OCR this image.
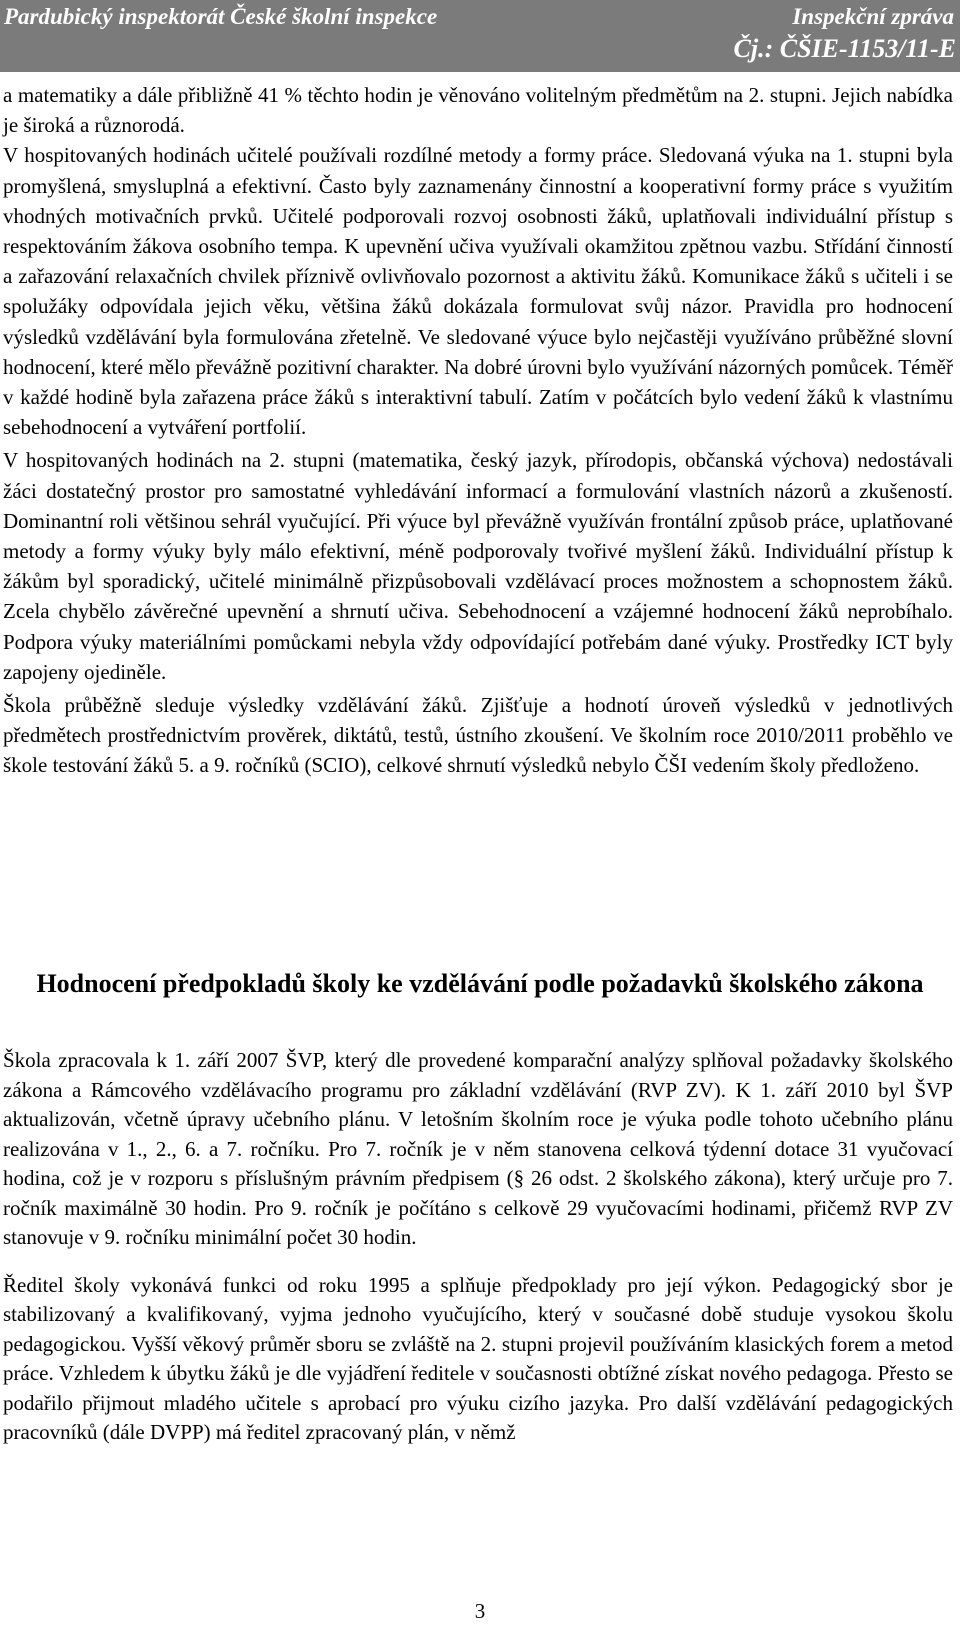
Pardubický inspektorát České školní inspekce	Inspekční zpráva
Čj.: ČŠIE-1153/11-E

a matematiky a dále přibližně 41 % těchto hodin je věnováno volitelným předmětům na 2. stupni. Jejich nabídka je široká a různorodá.

V hospitovaných hodinách učitelé používali rozdílné metody a formy práce. Sledovaná výuka na 1. stupni byla promyšlená, smysluplná a efektivní. Často byly zaznamenány činnostní a kooperativní formy práce s využitím vhodných motivačních prvků. Učitelé podporovali rozvoj osobnosti žáků, uplatňovali individuální přístup s respektováním žákova osobního tempa. K upevnění učiva využívali okamžitou zpětnou vazbu. Střídání činností a zařazování relaxačních chvilek příznivě ovlivňovalo pozornost a aktivitu žáků. Komunikace žáků s učiteli i se spolužáky odpovídala jejich věku, většina žáků dokázala formulovat svůj názor. Pravidla pro hodnocení výsledků vzdělávání byla formulována zřetelně. Ve sledované výuce bylo nejčastěji využíváno průběžné slovní hodnocení, které mělo převážně pozitivní charakter. Na dobré úrovni bylo využívání názorných pomůcek. Téměř v každé hodině byla zařazena práce žáků s interaktivní tabulí. Zatím v počátcích bylo vedení žáků k vlastnímu sebehodnocení a vytváření portfolií.

V hospitovaných hodinách na 2. stupni (matematika, český jazyk, přírodopis, občanská výchova) nedostávali žáci dostatečný prostor pro samostatné vyhledávání informací a formulování vlastních názorů a zkušeností. Dominantní roli většinou sehrál vyučující. Při výuce byl převážně využíván frontální způsob práce, uplatňované metody a formy výuky byly málo efektivní, méně podporovaly tvořivé myšlení žáků. Individuální přístup k žákům byl sporadický, učitelé minimálně přizpůsobovali vzdělávací proces možnostem a schopnostem žáků. Zcela chybělo závěrečné upevnění a shrnutí učiva. Sebehodnocení a vzájemné hodnocení žáků neprobíhalo. Podpora výuky materiálními pomůckami nebyla vždy odpovídající potřebám dané výuky. Prostředky ICT byly zapojeny ojediněle.

Škola průběžně sleduje výsledky vzdělávání žáků. Zjišťuje a hodnotí úroveň výsledků v jednotlivých předmětech prostřednictvím prověrek, diktátů, testů, ústního zkoušení. Ve školním roce 2010/2011 proběhlo ve škole testování žáků 5. a 9. ročníků (SCIO), celkové shrnutí výsledků nebylo ČŠI vedením školy předloženo.

Hodnocení předpokladů školy ke vzdělávání podle požadavků školského zákona

Škola zpracovala k 1. září 2007 ŠVP, který dle provedené komparační analýzy splňoval požadavky školského zákona a Rámcového vzdělávacího programu pro základní vzdělávání (RVP ZV). K 1. září 2010 byl ŠVP aktualizován, včetně úpravy učebního plánu. V letošním školním roce je výuka podle tohoto učebního plánu realizována v 1., 2., 6. a 7. ročníku. Pro 7. ročník je v něm stanovena celková týdenní dotace 31 vyučovací hodina, což je v rozporu s příslušným právním předpisem (§ 26 odst. 2 školského zákona), který určuje pro 7. ročník maximálně 30 hodin. Pro 9. ročník je počítáno s celkově 29 vyučovacími hodinami, přičemž RVP ZV stanovuje v 9. ročníku minimální počet 30 hodin.

Ředitel školy vykonává funkci od roku 1995 a splňuje předpoklady pro její výkon. Pedagogický sbor je stabilizovaný a kvalifikovaný, vyjma jednoho vyučujícího, který v současné době studuje vysokou školu pedagogickou. Vyšší věkový průměr sboru se zvláště na 2. stupni projevil používáním klasických forem a metod práce. Vzhledem k úbytku žáků je dle vyjádření ředitele v současnosti obtížné získat nového pedagoga. Přesto se podařilo přijmout mladého učitele s aprobací pro výuku cizího jazyka. Pro další vzdělávání pedagogických pracovníků (dále DVPP) má ředitel zpracovaný plán, v němž

3
